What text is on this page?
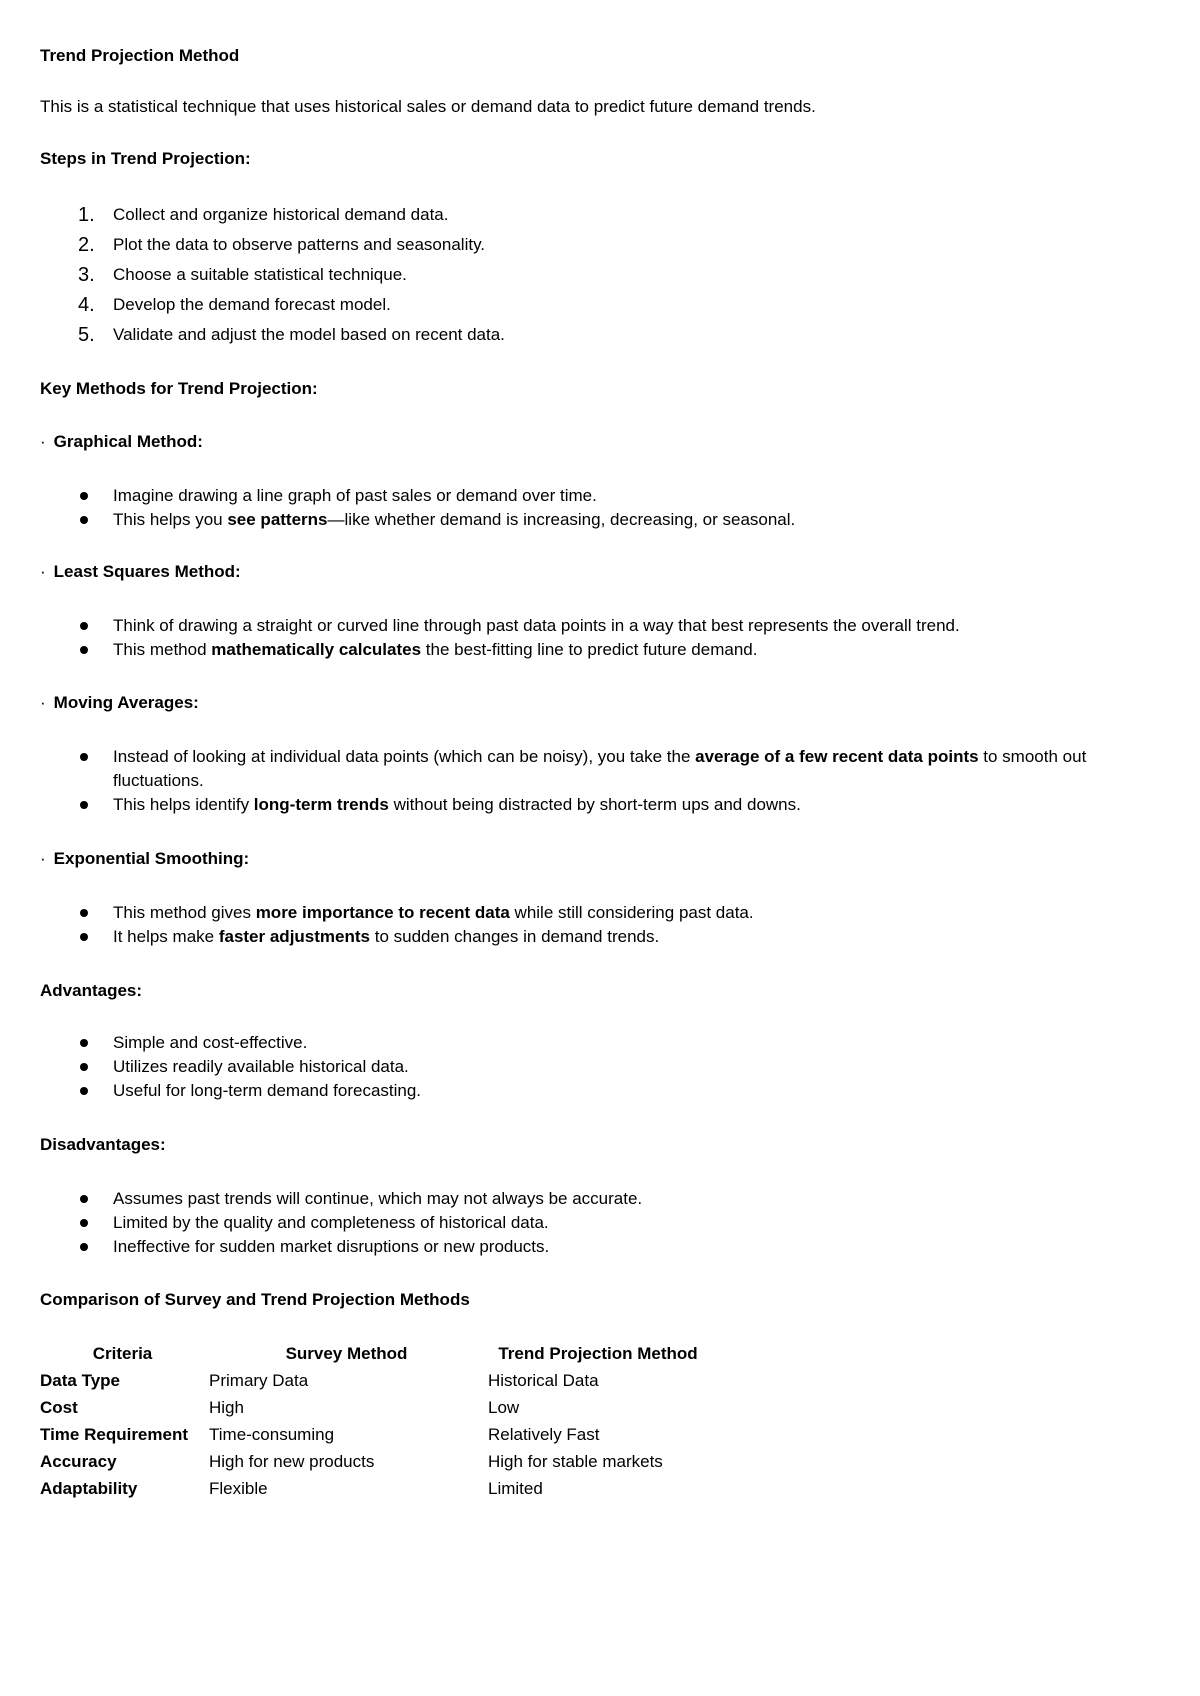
Trend Projection Method

This is a statistical technique that uses historical sales or demand data to predict future demand trends.

Steps in Trend Projection:

1. Collect and organize historical demand data.
2. Plot the data to observe patterns and seasonality.
3. Choose a suitable statistical technique.
4. Develop the demand forecast model.
5. Validate and adjust the model based on recent data.

Key Methods for Trend Projection:

· Graphical Method:

Imagine drawing a line graph of past sales or demand over time.
This helps you see patterns—like whether demand is increasing, decreasing, or seasonal.

· Least Squares Method:

Think of drawing a straight or curved line through past data points in a way that best represents the overall trend.
This method mathematically calculates the best-fitting line to predict future demand.

· Moving Averages:

Instead of looking at individual data points (which can be noisy), you take the average of a few recent data points to smooth out fluctuations.
This helps identify long-term trends without being distracted by short-term ups and downs.

· Exponential Smoothing:

This method gives more importance to recent data while still considering past data.
It helps make faster adjustments to sudden changes in demand trends.

Advantages:

Simple and cost-effective.
Utilizes readily available historical data.
Useful for long-term demand forecasting.

Disadvantages:

Assumes past trends will continue, which may not always be accurate.
Limited by the quality and completeness of historical data.
Ineffective for sudden market disruptions or new products.

Comparison of Survey and Trend Projection Methods

Criteria	Survey Method	Trend Projection Method
Data Type	Primary Data	Historical Data
Cost	High	Low
Time Requirement	Time-consuming	Relatively Fast
Accuracy	High for new products	High for stable markets
Adaptability	Flexible	Limited
